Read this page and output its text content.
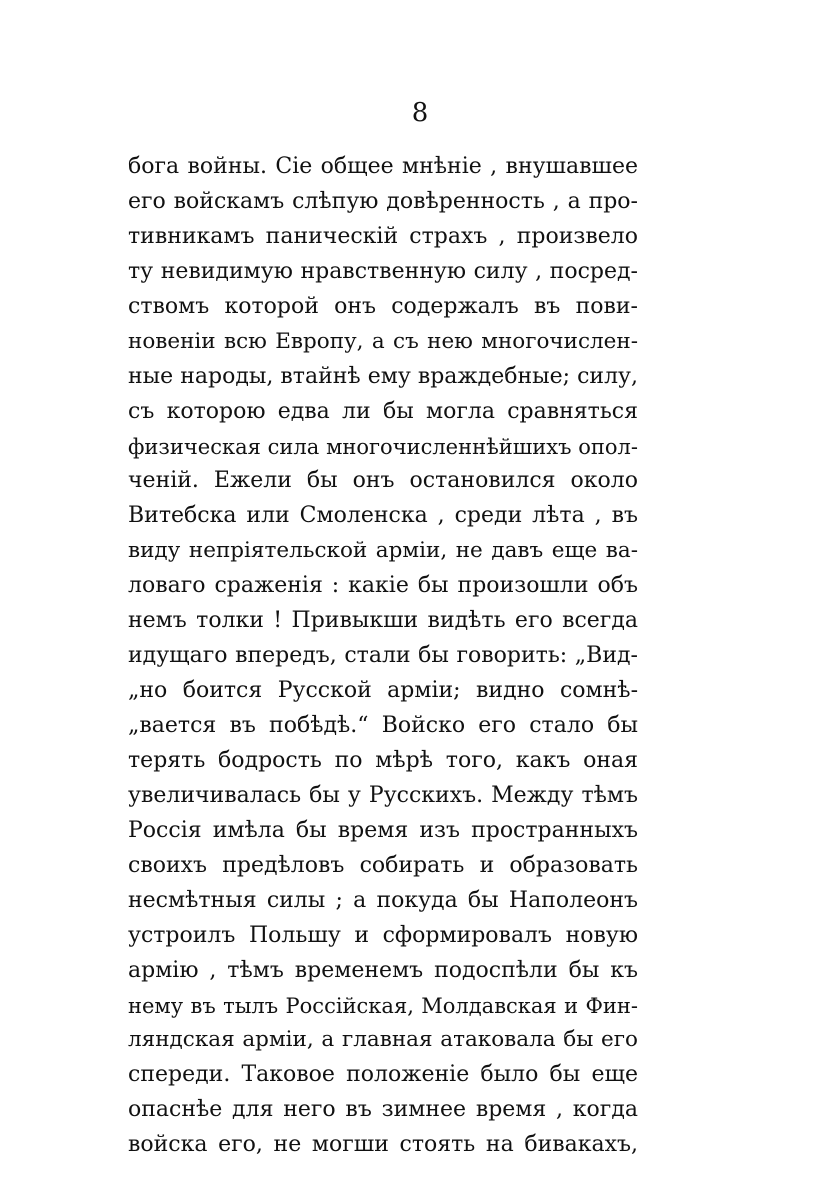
8
бога войны. Сіе общее мнѣніе , внушавшее
его войскамъ слѣпую довѣренность , а про-
тивникамъ паническій страхъ , произвело
ту невидимую нравственную силу , посред-
ствомъ которой онъ содержалъ въ пови-
новеніи всю Европу, а съ нею многочислен-
ные народы, втайнѣ ему враждебные; силу,
съ которою едва ли бы могла сравняться
физическая сила многочисленнѣйшихъ опол-
ченій. Ежели бы онъ остановился около
Витебска или Смоленска , среди лѣта , въ
виду непріятельской арміи, не давъ еще ва-
ловаго сраженія : какіе бы произошли объ
немъ толки ! Привыкши видѣть его всегда
идущаго впередъ, стали бы говорить: „Вид-
„но боится Русской арміи; видно сомнѣ-
„вается въ побѣдѣ.“ Войско его стало бы
терять бодрость по мѣрѣ того, какъ оная
увеличивалась бы у Русскихъ. Между тѣмъ
Россія имѣла бы время изъ пространныхъ
своихъ предѣловъ собирать и образовать
несмѣтныя силы ; а покуда бы Наполеонъ
устроилъ Польшу и сформировалъ новую
армію , тѣмъ временемъ подоспѣли бы къ
нему въ тылъ Россійская, Молдавская и Фин-
ляндская арміи, а главная атаковала бы его
спереди. Таковое положеніе было бы еще
опаснѣе для него въ зимнее время , когда
войска его, не могши стоять на бивакахъ,
